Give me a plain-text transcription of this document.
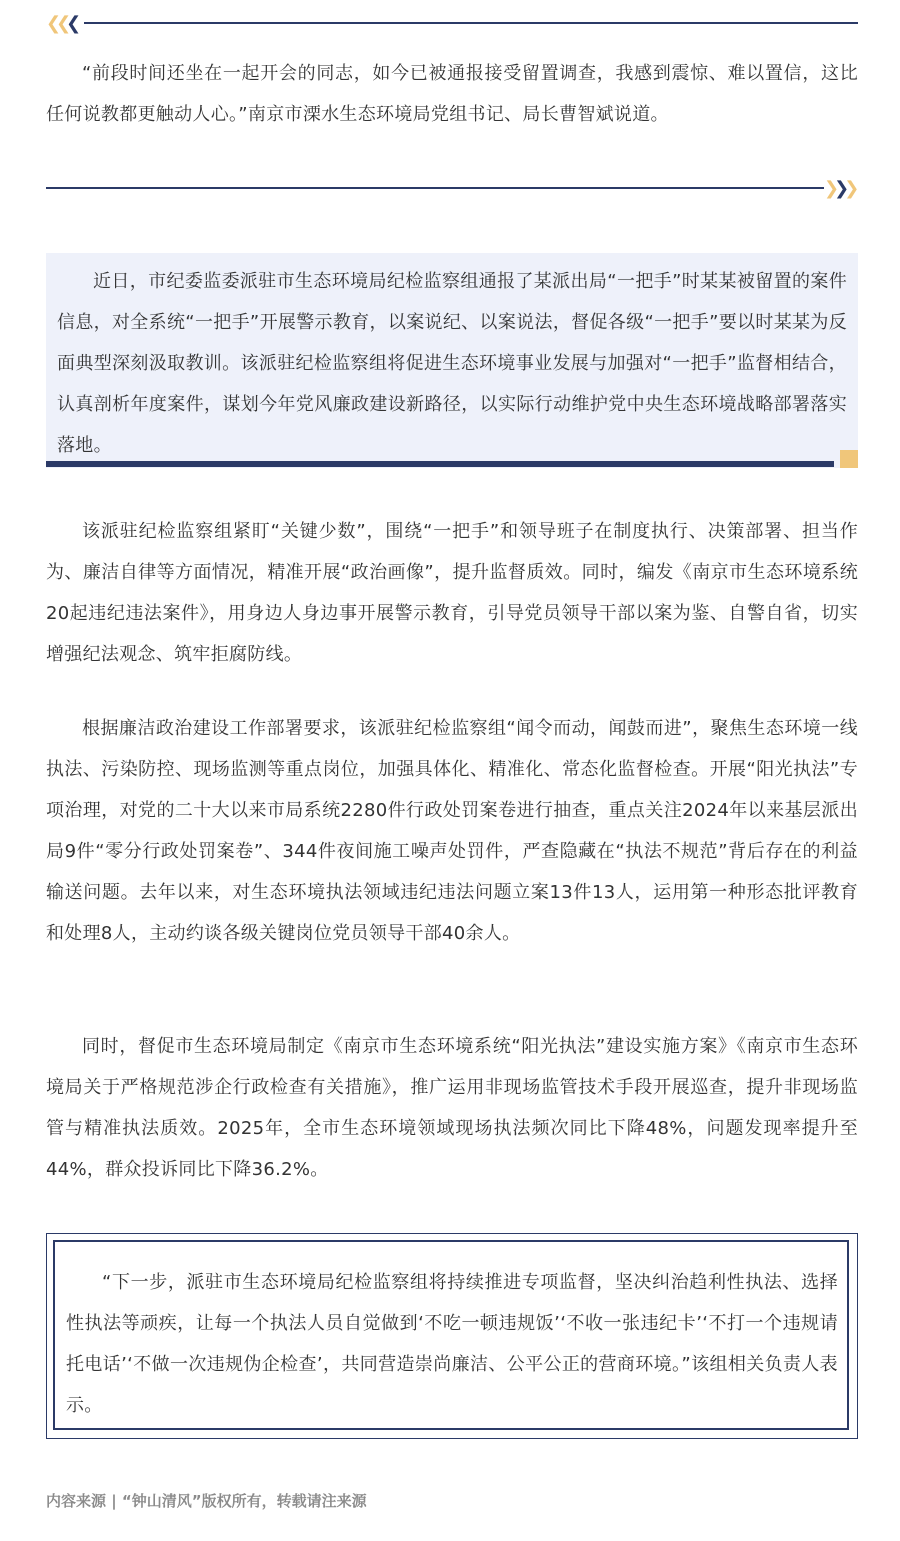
❮❮❮

“前段时间还坐在一起开会的同志，如今已被通报接受留置调查，我感到震惊、难以置信，这比任何说教都更触动人心。”南京市溧水生态环境局党组书记、局长曹智斌说道。

❯❯❯

近日，市纪委监委派驻市生态环境局纪检监察组通报了某派出局“一把手”时某某被留置的案件信息，对全系统“一把手”开展警示教育，以案说纪、以案说法，督促各级“一把手”要以时某某为反面典型深刻汲取教训。该派驻纪检监察组将促进生态环境事业发展与加强对“一把手”监督相结合，认真剖析年度案件，谋划今年党风廉政建设新路径，以实际行动维护党中央生态环境战略部署落实落地。

该派驻纪检监察组紧盯“关键少数”，围绕“一把手”和领导班子在制度执行、决策部署、担当作为、廉洁自律等方面情况，精准开展“政治画像”，提升监督质效。同时，编发《南京市生态环境系统20起违纪违法案件》，用身边人身边事开展警示教育，引导党员领导干部以案为鉴、自警自省，切实增强纪法观念、筑牢拒腐防线。

根据廉洁政治建设工作部署要求，该派驻纪检监察组“闻令而动，闻鼓而进”，聚焦生态环境一线执法、污染防控、现场监测等重点岗位，加强具体化、精准化、常态化监督检查。开展“阳光执法”专项治理，对党的二十大以来市局系统2280件行政处罚案卷进行抽查，重点关注2024年以来基层派出局9件“零分行政处罚案卷”、344件夜间施工噪声处罚件，严查隐藏在“执法不规范”背后存在的利益输送问题。去年以来，对生态环境执法领域违纪违法问题立案13件13人，运用第一种形态批评教育和处理8人，主动约谈各级关键岗位党员领导干部40余人。

同时，督促市生态环境局制定《南京市生态环境系统“阳光执法”建设实施方案》《南京市生态环境局关于严格规范涉企行政检查有关措施》，推广运用非现场监管技术手段开展巡查，提升非现场监管与精准执法质效。2025年，全市生态环境领域现场执法频次同比下降48%，问题发现率提升至44%，群众投诉同比下降36.2%。

“下一步，派驻市生态环境局纪检监察组将持续推进专项监督，坚决纠治趋利性执法、选择性执法等顽疾，让每一个执法人员自觉做到‘不吃一顿违规饭’‘不收一张违纪卡’‘不打一个违规请托电话’‘不做一次违规伪企检查’，共同营造崇尚廉洁、公平公正的营商环境。”该组相关负责人表示。

内容来源 | “钟山清风”版权所有，转载请注来源
